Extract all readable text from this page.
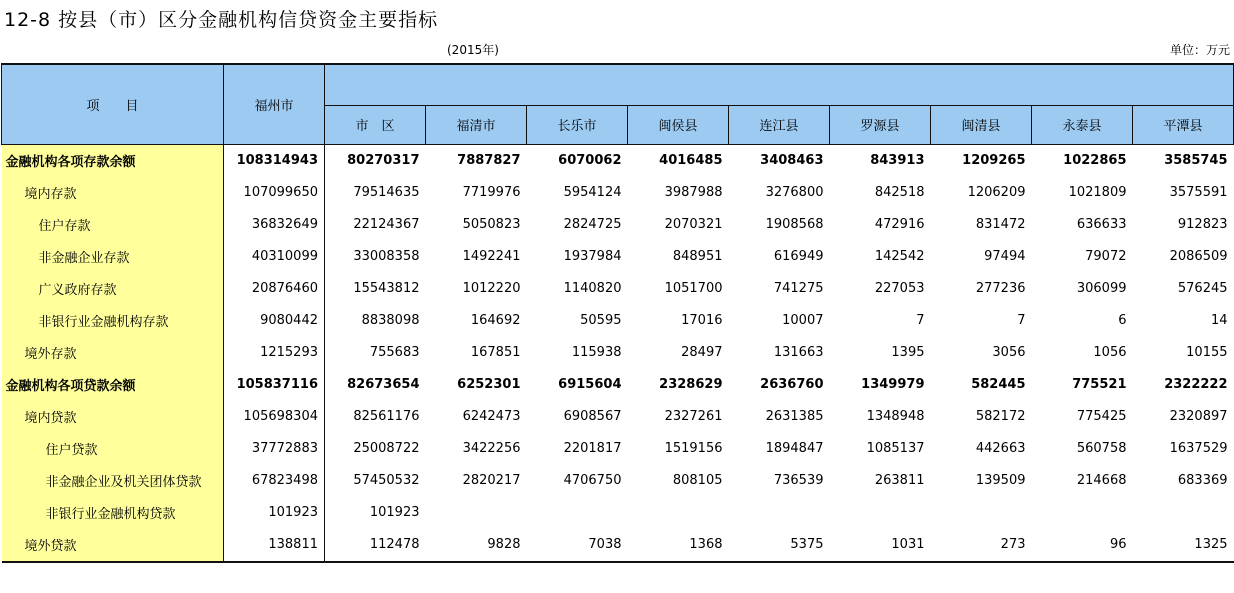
12-8 按县（市）区分金融机构信贷资金主要指标
(2015年)	单位：万元
项　　目	福州市									
		市　区	福清市	长乐市	闽侯县	连江县	罗源县	闽清县	永泰县	平潭县
金融机构各项存款余额	108314943	80270317	7887827	6070062	4016485	3408463	843913	1209265	1022865	3585745
境内存款	107099650	79514635	7719976	5954124	3987988	3276800	842518	1206209	1021809	3575591
住户存款	36832649	22124367	5050823	2824725	2070321	1908568	472916	831472	636633	912823
非金融企业存款	40310099	33008358	1492241	1937984	848951	616949	142542	97494	79072	2086509
广义政府存款	20876460	15543812	1012220	1140820	1051700	741275	227053	277236	306099	576245
非银行业金融机构存款	9080442	8838098	164692	50595	17016	10007	7	7	6	14
境外存款	1215293	755683	167851	115938	28497	131663	1395	3056	1056	10155
金融机构各项贷款余额	105837116	82673654	6252301	6915604	2328629	2636760	1349979	582445	775521	2322222
境内贷款	105698304	82561176	6242473	6908567	2327261	2631385	1348948	582172	775425	2320897
住户贷款	37772883	25008722	3422256	2201817	1519156	1894847	1085137	442663	560758	1637529
非金融企业及机关团体贷款	67823498	57450532	2820217	4706750	808105	736539	263811	139509	214668	683369
非银行业金融机构贷款	101923	101923								
境外贷款	138811	112478	9828	7038	1368	5375	1031	273	96	1325
